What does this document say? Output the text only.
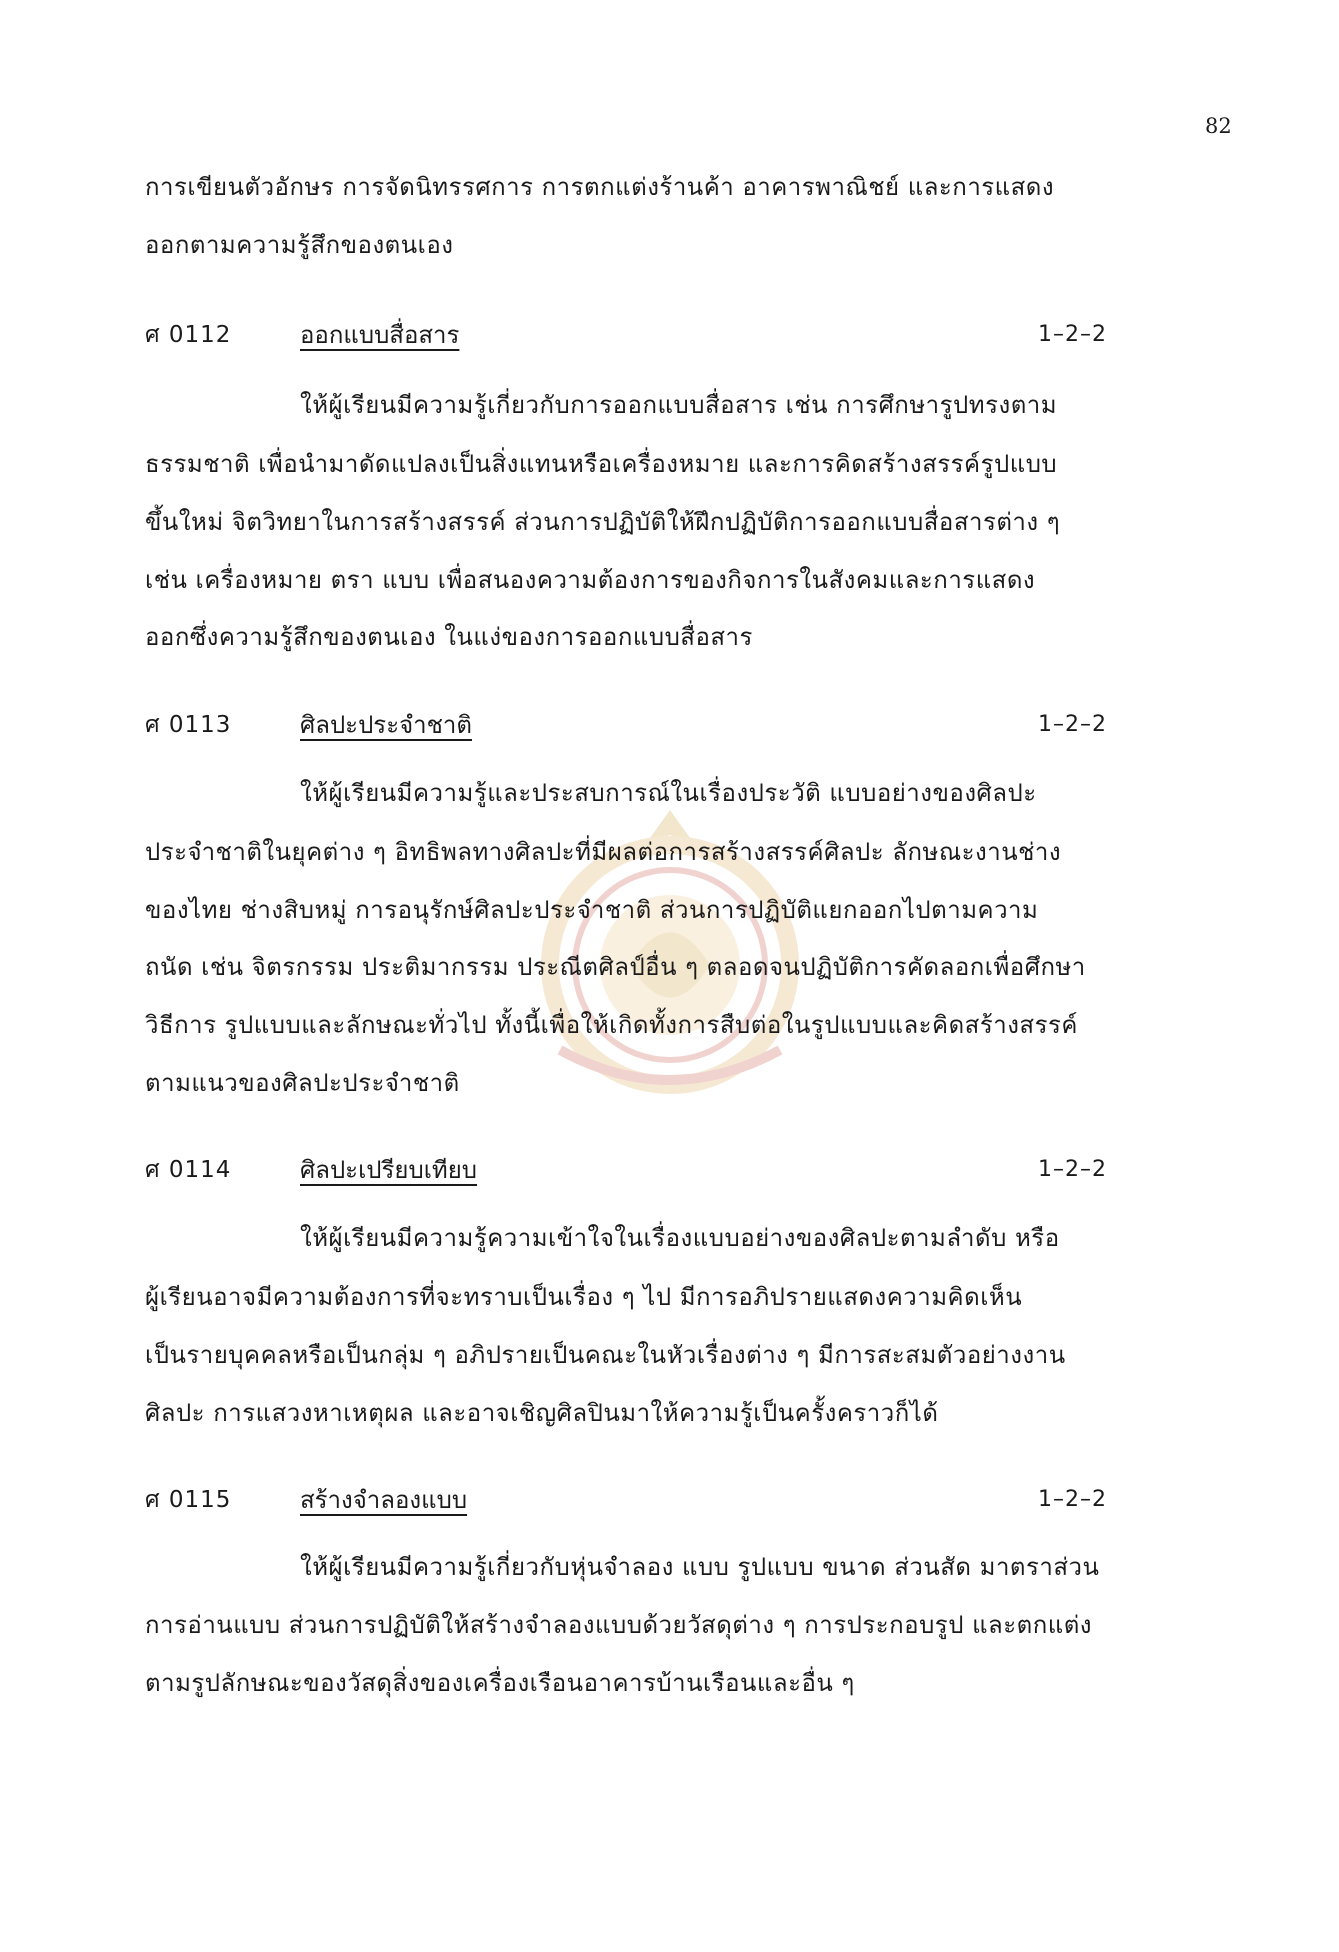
82
การเขียนตัวอักษร การจัดนิทรรศการ การตกแต่งร้านค้า อาคารพาณิชย์ และการแสดง
ออกตามความรู้สึกของตนเอง
ศ 0112	ออกแบบสื่อสาร	1–2–2
ให้ผู้เรียนมีความรู้เกี่ยวกับการออกแบบสื่อสาร เช่น การศึกษารูปทรงตาม
ธรรมชาติ เพื่อนำมาดัดแปลงเป็นสิ่งแทนหรือเครื่องหมาย และการคิดสร้างสรรค์รูปแบบ
ขึ้นใหม่ จิตวิทยาในการสร้างสรรค์ ส่วนการปฏิบัติให้ฝึกปฏิบัติการออกแบบสื่อสารต่าง ๆ
เช่น เครื่องหมาย ตรา แบบ เพื่อสนองความต้องการของกิจการในสังคมและการแสดง
ออกซึ่งความรู้สึกของตนเอง ในแง่ของการออกแบบสื่อสาร
ศ 0113	ศิลปะประจำชาติ	1–2–2
ให้ผู้เรียนมีความรู้และประสบการณ์ในเรื่องประวัติ แบบอย่างของศิลปะ
ประจำชาติในยุคต่าง ๆ อิทธิพลทางศิลปะที่มีผลต่อการสร้างสรรค์ศิลปะ ลักษณะงานช่าง
ของไทย ช่างสิบหมู่ การอนุรักษ์ศิลปะประจำชาติ ส่วนการปฏิบัติแยกออกไปตามความ
ถนัด เช่น จิตรกรรม ประติมากรรม ประณีตศิลป์อื่น ๆ ตลอดจนปฏิบัติการคัดลอกเพื่อศึกษา
วิธีการ รูปแบบและลักษณะทั่วไป ทั้งนี้เพื่อให้เกิดทั้งการสืบต่อในรูปแบบและคิดสร้างสรรค์
ตามแนวของศิลปะประจำชาติ
ศ 0114	ศิลปะเปรียบเทียบ	1–2–2
ให้ผู้เรียนมีความรู้ความเข้าใจในเรื่องแบบอย่างของศิลปะตามลำดับ หรือ
ผู้เรียนอาจมีความต้องการที่จะทราบเป็นเรื่อง ๆ ไป มีการอภิปรายแสดงความคิดเห็น
เป็นรายบุคคลหรือเป็นกลุ่ม ๆ อภิปรายเป็นคณะในหัวเรื่องต่าง ๆ มีการสะสมตัวอย่างงาน
ศิลปะ การแสวงหาเหตุผล และอาจเชิญศิลปินมาให้ความรู้เป็นครั้งคราวก็ได้
ศ 0115	สร้างจำลองแบบ	1–2–2
ให้ผู้เรียนมีความรู้เกี่ยวกับหุ่นจำลอง แบบ รูปแบบ ขนาด ส่วนสัด มาตราส่วน
การอ่านแบบ ส่วนการปฏิบัติให้สร้างจำลองแบบด้วยวัสดุต่าง ๆ การประกอบรูป และตกแต่ง
ตามรูปลักษณะของวัสดุสิ่งของเครื่องเรือนอาคารบ้านเรือนและอื่น ๆ
